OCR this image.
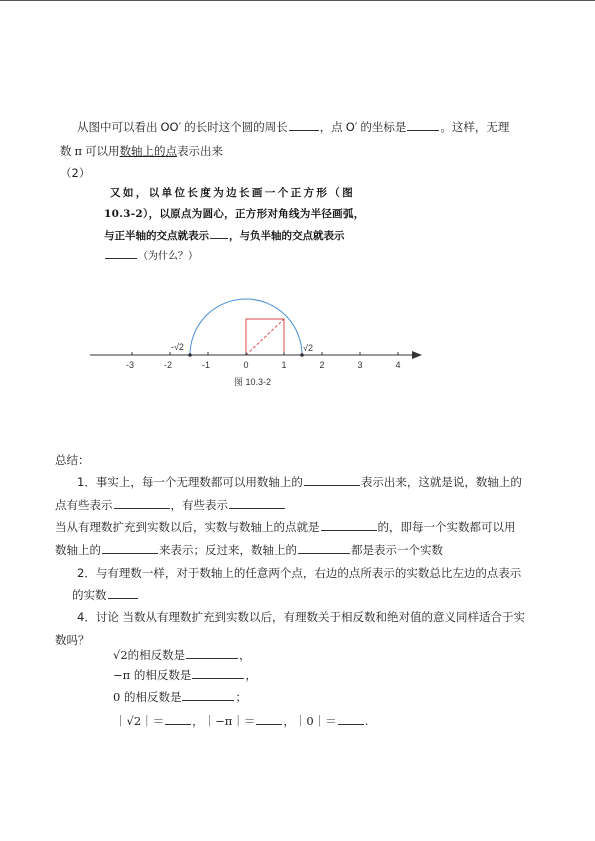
从图中可以看出 OO′ 的长时这个圆的周长	，点 O′ 的坐标是	。这样，无理
数 π 可以用数轴上的点表示出来
（2）
又如，以单位长度为边长画一个正方形（图
10.3-2），以原点为圆心，正方形对角线为半径画弧，
与正半轴的交点就表示 ，与负半轴的交点就表示
（为什么？）
-3	-2	-1	0	1	2	3	4
-√2	√2
图 10.3-2
总结：
1．事实上，每一个无理数都可以用数轴上的	表示出来，这就是说，数轴上的
点有些表示	，有些表示
当从有理数扩充到实数以后，实数与数轴上的点就是	的，即每一个实数都可以用
数轴上的	来表示；反过来，数轴上的	都是表示一个实数
2．与有理数一样，对于数轴上的任意两个点，右边的点所表示的实数总比左边的点表示
的实数
4．讨论 当数从有理数扩充到实数以后，有理数关于相反数和绝对值的意义同样适合于实
数吗？
√2的相反数是	，
−π 的相反数是	，
0 的相反数是	；
｜√2｜＝ ，｜−π｜＝ ，｜0｜＝ .
